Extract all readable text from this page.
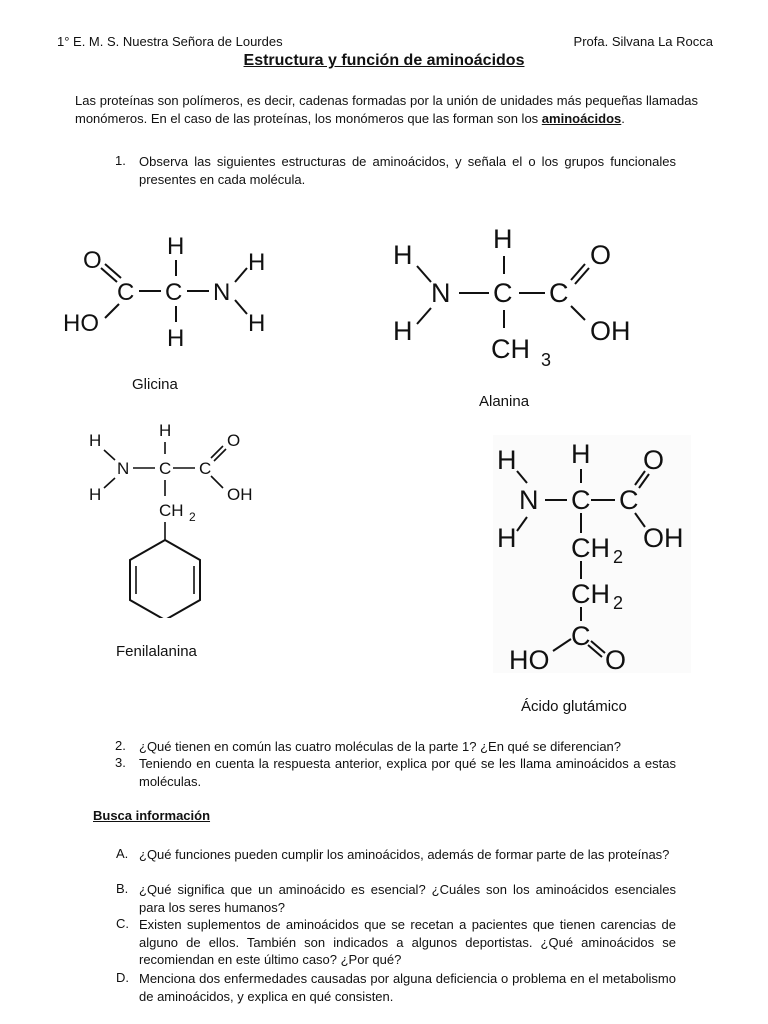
1° E. M. S. Nuestra Señora de Lourdes	Profa. Silvana La Rocca
Estructura y función de aminoácidos
Las proteínas son polímeros, es decir, cadenas formadas por la unión de unidades más pequeñas llamadas monómeros. En el caso de las proteínas, los monómeros que las forman son los aminoácidos.
1. Observa las siguientes estructuras de aminoácidos, y señala el o los grupos funcionales presentes en cada molécula.
O
C C N
H
H
H
H
HO
Glicina
H
H
N C
H
C
O
OH
CH 3
Alanina
H
H
N C
H
C
O
OH
CH 2
Fenilalanina
H
H
N C
H
C
O
OH
CH
CH
C
HO O
2
2
Ácido glutámico
2. ¿Qué tienen en común las cuatro moléculas de la parte 1? ¿En qué se diferencian?
3. Teniendo en cuenta la respuesta anterior, explica por qué se les llama aminoácidos a estas moléculas.
Busca información
A. ¿Qué funciones pueden cumplir los aminoácidos, además de formar parte de las proteínas?
B. ¿Qué significa que un aminoácido es esencial? ¿Cuáles son los aminoácidos esenciales para los seres humanos?
C. Existen suplementos de aminoácidos que se recetan a pacientes que tienen carencias de alguno de ellos. También son indicados a algunos deportistas. ¿Qué aminoácidos se recomiendan en este último caso? ¿Por qué?
D. Menciona dos enfermedades causadas por alguna deficiencia o problema en el metabolismo de aminoácidos, y explica en qué consisten.
